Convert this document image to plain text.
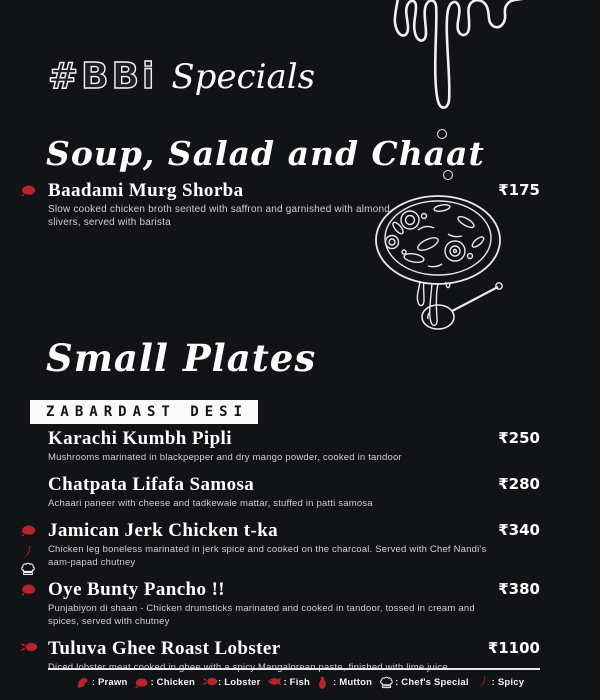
#BBi Specials
Soup, Salad and Chaat
Baadami Murg Shorba	₹175

Slow cooked chicken broth sented with saffron and garnished with almond slivers, served with barista

Small Plates
ZABARDAST DESI
Karachi Kumbh Pipli	₹250

Mushrooms marinated in blackpepper and dry mango powder, cooked in tandoor

Chatpata Lifafa Samosa	₹280

Achaari paneer with cheese and tadkewale mattar, stuffed in patti samosa

Jamican Jerk Chicken t-ka	₹340

Chicken leg boneless marinated in jerk spice and cooked on the charcoal. Served with Chef Nandi's aam-papad chutney

Oye Bunty Pancho !!	₹380

Punjabiyon di shaan - Chicken drumsticks marinated and cooked in tandoor, tossed in cream and spices, served with chutney

Tuluva Ghee Roast Lobster	₹1100

: Prawn : Chicken : Lobster : Fish : Mutton : Chef's Special : Spicy
